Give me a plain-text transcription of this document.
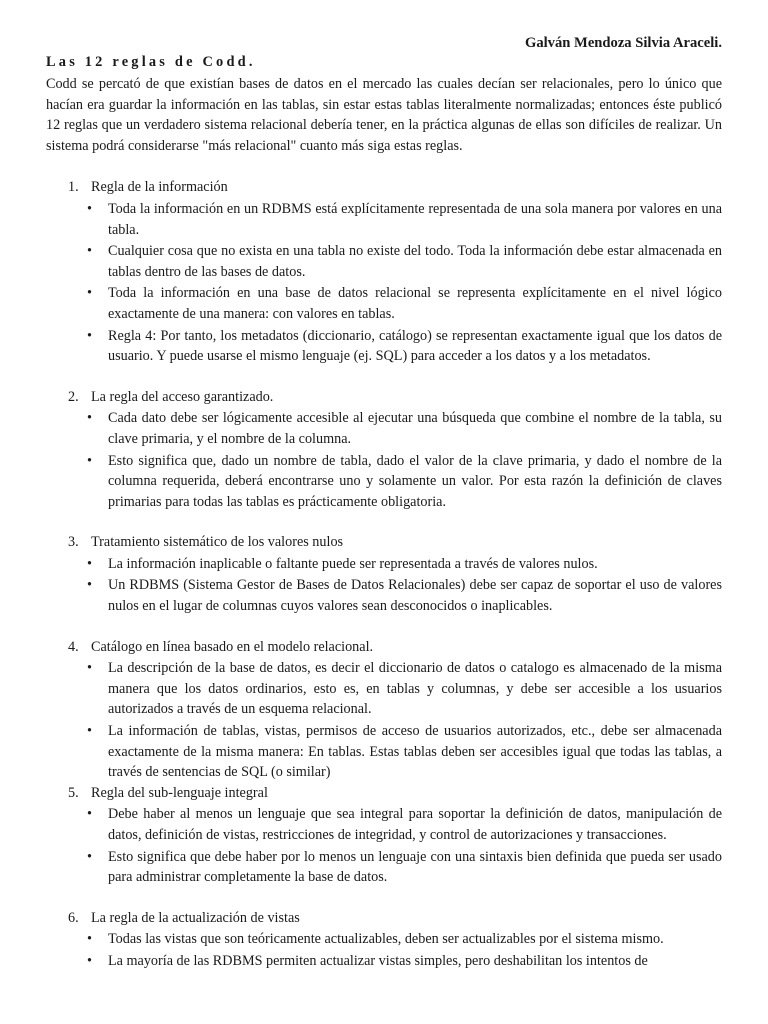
Galván Mendoza Silvia Araceli.

Las 12 reglas de Codd.

Codd se percató de que existían bases de datos en el mercado las cuales decían ser relacionales, pero lo único que hacían era guardar la información en las tablas, sin estar estas tablas literalmente normalizadas; entonces éste publicó 12 reglas que un verdadero sistema relacional debería tener, en la práctica algunas de ellas son difíciles de realizar. Un sistema podrá considerarse "más relacional" cuanto más siga estas reglas.

1. Regla de la información
• Toda la información en un RDBMS está explícitamente representada de una sola manera por valores en una tabla.
• Cualquier cosa que no exista en una tabla no existe del todo. Toda la información debe estar almacenada en tablas dentro de las bases de datos.
• Toda la información en una base de datos relacional se representa explícitamente en el nivel lógico exactamente de una manera: con valores en tablas.
• Regla 4: Por tanto, los metadatos (diccionario, catálogo) se representan exactamente igual que los datos de usuario. Y puede usarse el mismo lenguaje (ej. SQL) para acceder a los datos y a los metadatos.
2. La regla del acceso garantizado.
• Cada dato debe ser lógicamente accesible al ejecutar una búsqueda que combine el nombre de la tabla, su clave primaria, y el nombre de la columna.
• Esto significa que, dado un nombre de tabla, dado el valor de la clave primaria, y dado el nombre de la columna requerida, deberá encontrarse uno y solamente un valor. Por esta razón la definición de claves primarias para todas las tablas es prácticamente obligatoria.
3. Tratamiento sistemático de los valores nulos
• La información inaplicable o faltante puede ser representada a través de valores nulos.
• Un RDBMS (Sistema Gestor de Bases de Datos Relacionales) debe ser capaz de soportar el uso de valores nulos en el lugar de columnas cuyos valores sean desconocidos o inaplicables.
4. Catálogo en línea basado en el modelo relacional.
• La descripción de la base de datos, es decir el diccionario de datos o catalogo es almacenado de la misma manera que los datos ordinarios, esto es, en tablas y columnas, y debe ser accesible a los usuarios autorizados a través de un esquema relacional.
• La información de tablas, vistas, permisos de acceso de usuarios autorizados, etc., debe ser almacenada exactamente de la misma manera: En tablas. Estas tablas deben ser accesibles igual que todas las tablas, a través de sentencias de SQL (o similar)
5. Regla del sub-lenguaje integral
• Debe haber al menos un lenguaje que sea integral para soportar la definición de datos, manipulación de datos, definición de vistas, restricciones de integridad, y control de autorizaciones y transacciones.
• Esto significa que debe haber por lo menos un lenguaje con una sintaxis bien definida que pueda ser usado para administrar completamente la base de datos.
6. La regla de la actualización de vistas
• Todas las vistas que son teóricamente actualizables, deben ser actualizables por el sistema mismo.
• La mayoría de las RDBMS permiten actualizar vistas simples, pero deshabilitan los intentos de
